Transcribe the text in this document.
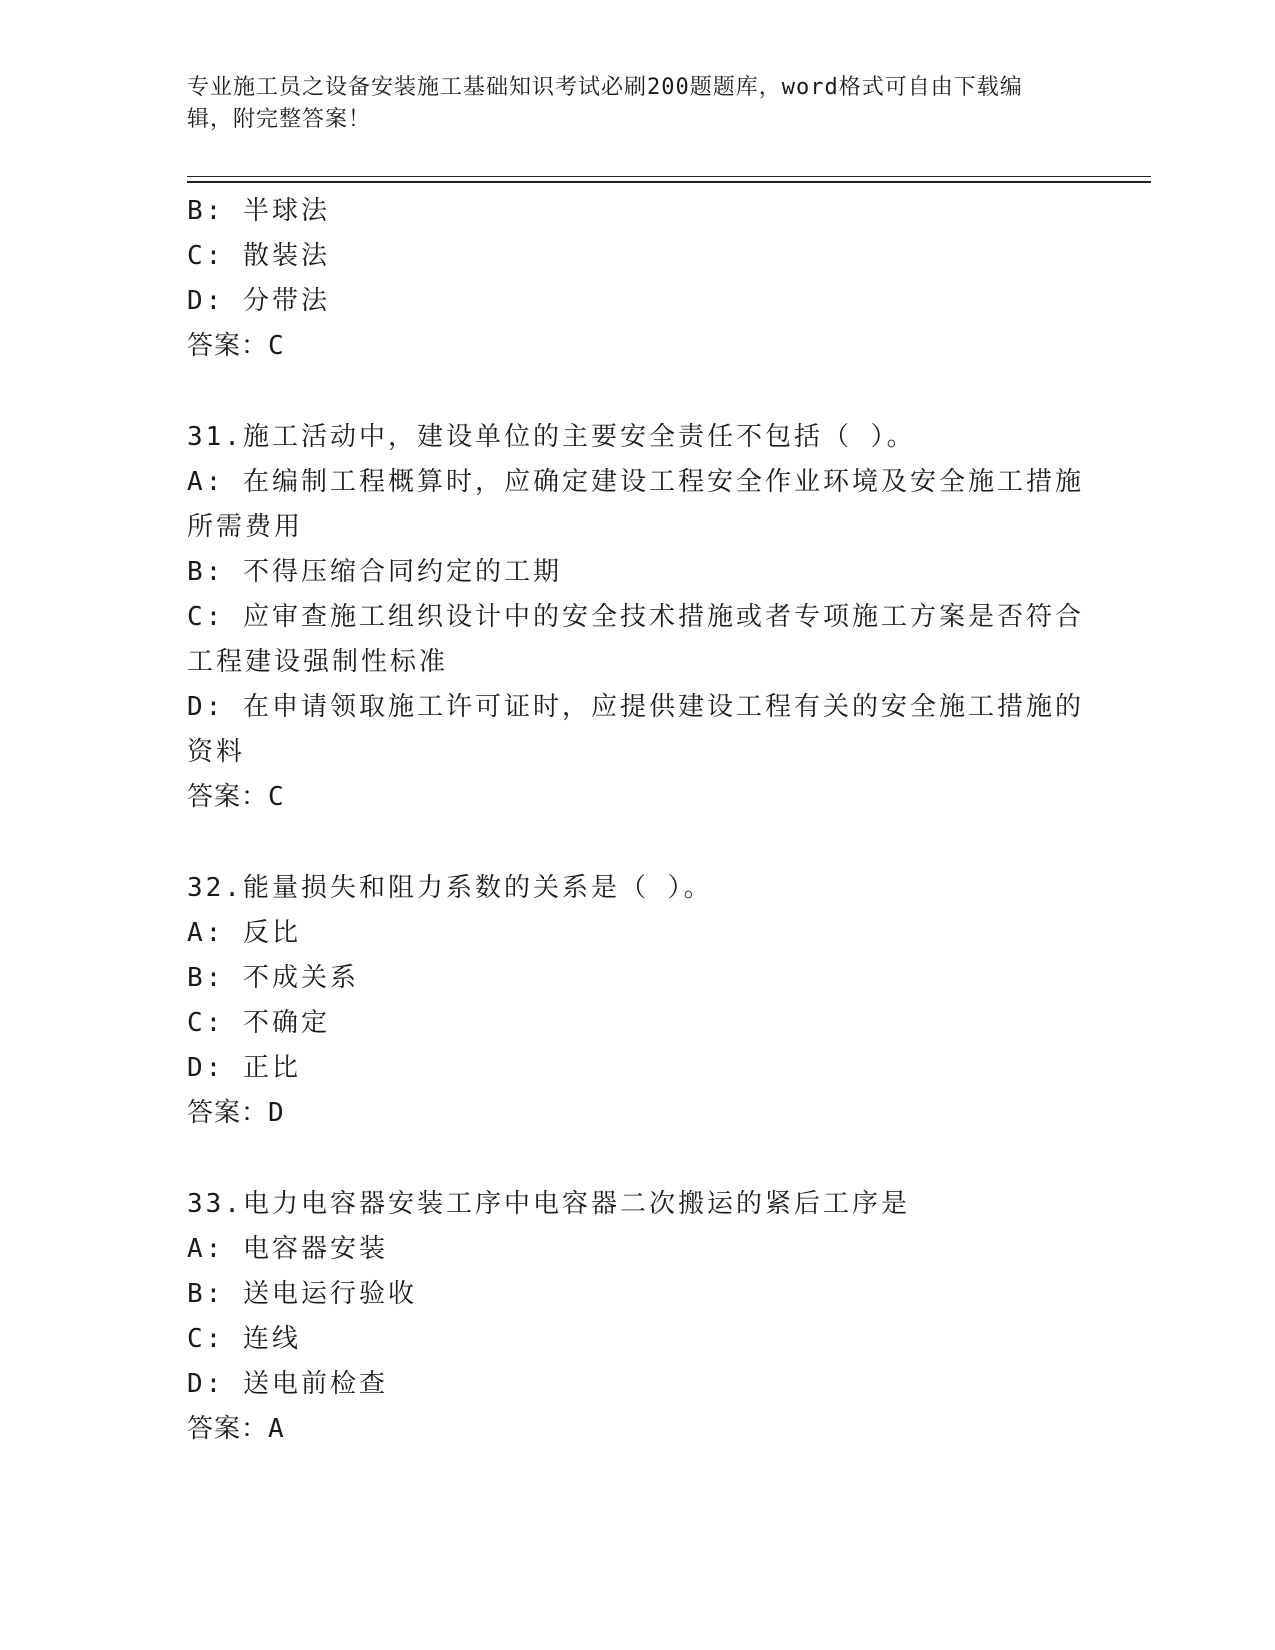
专业施工员之设备安装施工基础知识考试必刷200题题库，word格式可自由下载编辑，附完整答案！
B: 半球法
C: 散装法
D: 分带法
答案：C
31.施工活动中，建设单位的主要安全责任不包括（ ）。
A: 在编制工程概算时，应确定建设工程安全作业环境及安全施工措施所需费用
B: 不得压缩合同约定的工期
C: 应审查施工组织设计中的安全技术措施或者专项施工方案是否符合工程建设强制性标准
D: 在申请领取施工许可证时，应提供建设工程有关的安全施工措施的资料
答案：C
32.能量损失和阻力系数的关系是（ ）。
A: 反比
B: 不成关系
C: 不确定
D: 正比
答案：D
33.电力电容器安装工序中电容器二次搬运的紧后工序是
A: 电容器安装
B: 送电运行验收
C: 连线
D: 送电前检查
答案：A
